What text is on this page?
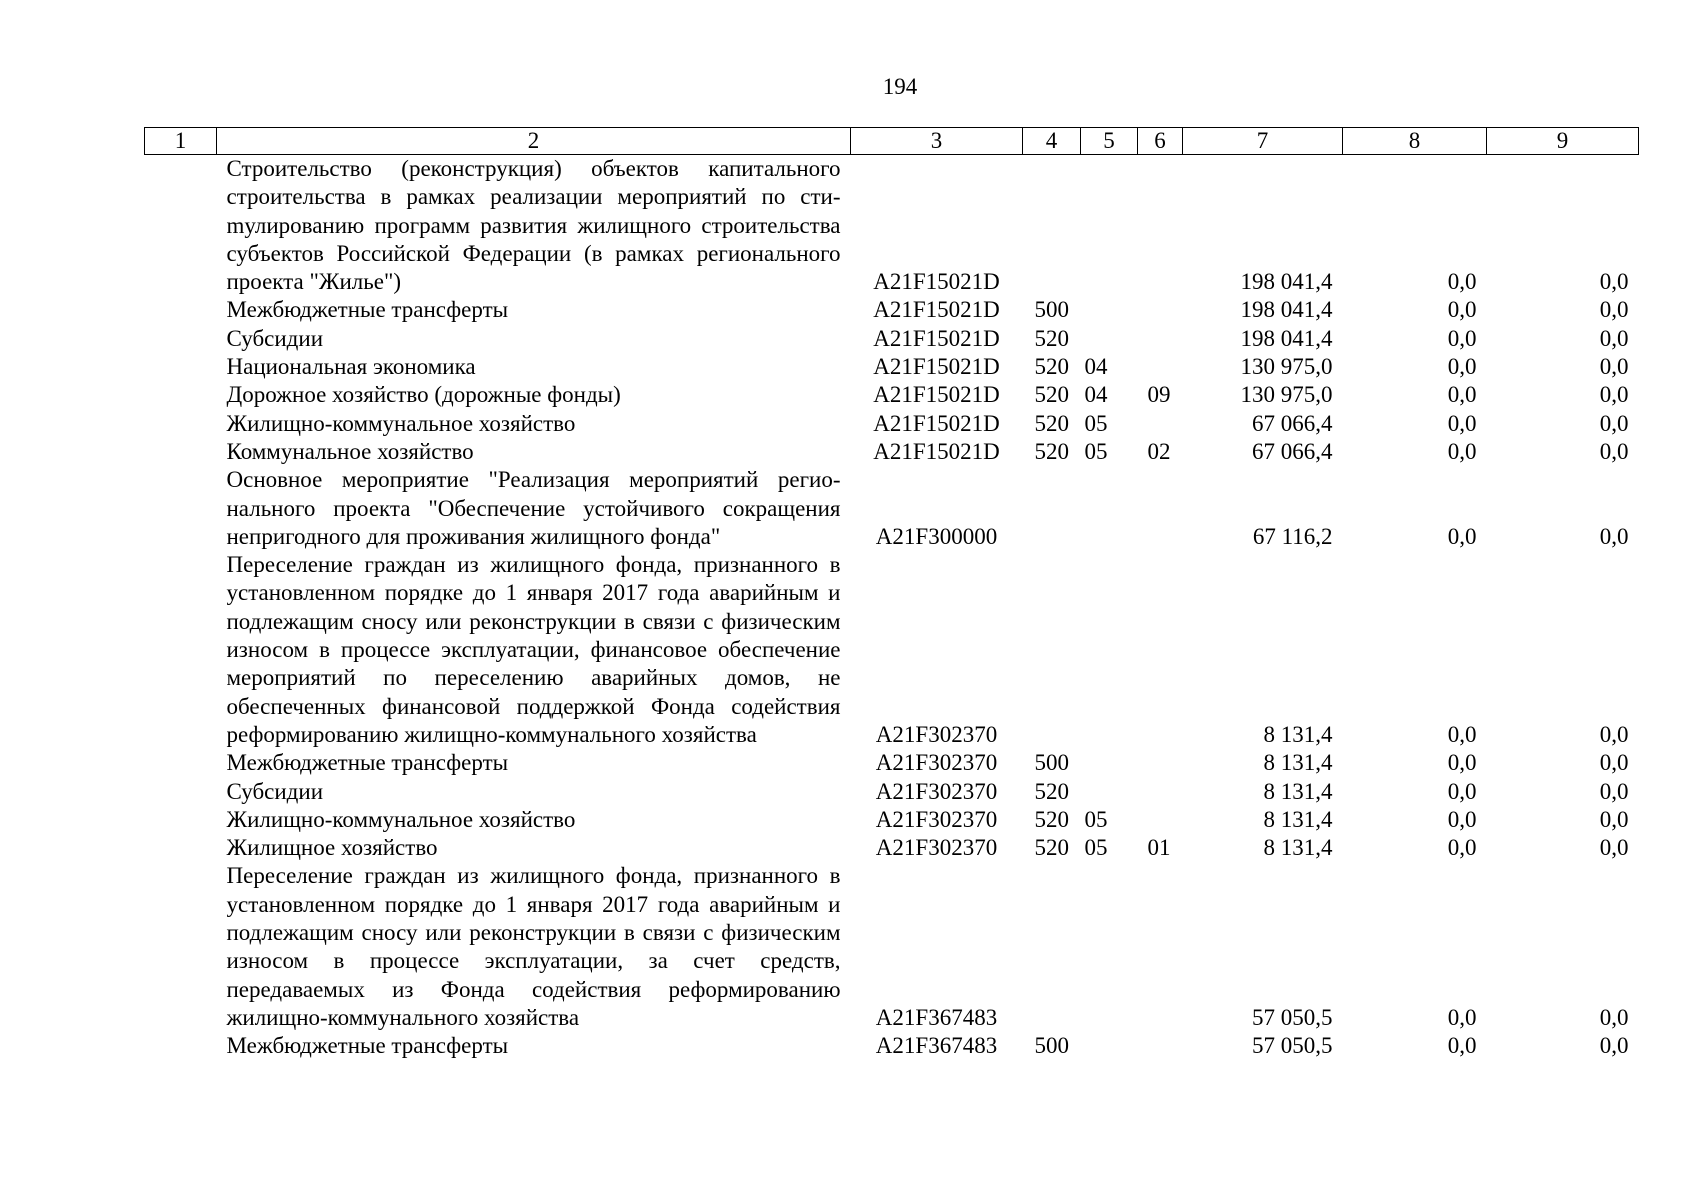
194
1	2	3	4	5	6	7	8	9
	Строительство (реконструкция) объектов капитального строительства в рамках реализации мероприятий по стиmулированию программ развития жилищного строительства субъектов Российской Федерации (в рамках регионального проекта "Жилье")	A21F15021D				198 041,4	0,0	0,0
	Межбюджетные трансферты	A21F15021D	500			198 041,4	0,0	0,0
	Субсидии	A21F15021D	520			198 041,4	0,0	0,0
	Национальная экономика	A21F15021D	520	04		130 975,0	0,0	0,0
	Дорожное хозяйство (дорожные фонды)	A21F15021D	520	04	09	130 975,0	0,0	0,0
	Жилищно-коммунальное хозяйство	A21F15021D	520	05		67 066,4	0,0	0,0
	Коммунальное хозяйство	A21F15021D	520	05	02	67 066,4	0,0	0,0
	Основное мероприятие "Реализация мероприятий регионального проекта "Обеспечение устойчивого сокращения непригодного для проживания жилищного фонда"	A21F300000				67 116,2	0,0	0,0
	Переселение граждан из жилищного фонда, признанного в установленном порядке до 1 января 2017 года аварийным и подлежащим сносу или реконструкции в связи с физическим износом в процессе эксплуатации, финансовое обеспечение мероприятий по переселению аварийных домов, не обеспеченных финансовой поддержкой Фонда содействия реформированию жилищно-коммунального хозяйства	A21F302370				8 131,4	0,0	0,0
	Межбюджетные трансферты	A21F302370	500			8 131,4	0,0	0,0
	Субсидии	A21F302370	520			8 131,4	0,0	0,0
	Жилищно-коммунальное хозяйство	A21F302370	520	05		8 131,4	0,0	0,0
	Жилищное хозяйство	A21F302370	520	05	01	8 131,4	0,0	0,0
	Переселение граждан из жилищного фонда, признанного в установленном порядке до 1 января 2017 года аварийным и подлежащим сносу или реконструкции в связи с физическим износом в процессе эксплуатации, за счет средств, передаваемых из Фонда содействия реформированию жилищно-коммунального хозяйства	A21F367483				57 050,5	0,0	0,0
	Межбюджетные трансферты	A21F367483	500			57 050,5	0,0	0,0
